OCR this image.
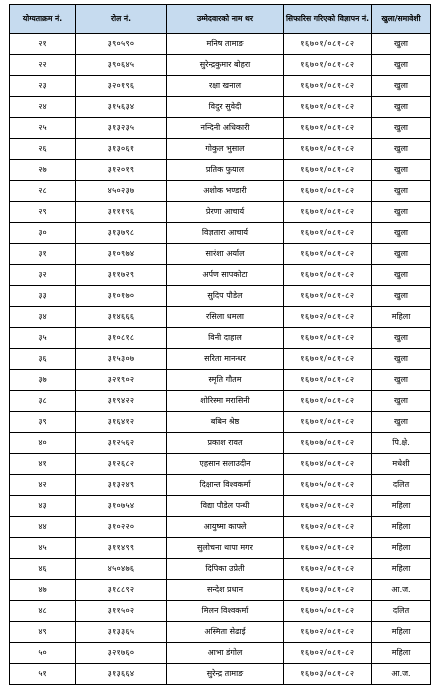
योग्यताक्रम नं.	रोल नं.	उम्मेदवारको नाम थर	सिफारिस गरिएको विज्ञापन नं.	खुला/समावेशी
२१	३९०५९०	मनिष तामाङ	१६७०१/०८१-८२	खुला
२२	३९०६४५	सुरेन्द्रकुमार बोहरा	१६७०१/०८१-८२	खुला
२३	३२०१९६	रक्षा खनाल	१६७०१/०८१-८२	खुला
२४	३१५६३४	विदुर सुवेदी	१६७०१/०८१-८२	खुला
२५	३१३२३५	नन्दिनी अधिकारी	१६७०१/०८१-८२	खुला
२६	३१३०६१	गोकुल भुसाल	१६७०१/०८१-८२	खुला
२७	३१२०१९	प्रतिक फुयाल	१६७०१/०८१-८२	खुला
२८	४५०२३७	अशोक भण्डारी	१६७०१/०८१-८२	खुला
२९	३१११९६	प्रेरणा आचार्य	१६७०१/०८१-८२	खुला
३०	३१३७९८	विज्ञतारा आचार्य	१६७०१/०८१-८२	खुला
३१	३१०९७४	सारंशा अर्याल	१६७०१/०८१-८२	खुला
३२	३११७२९	अर्पण सापकोटा	१६७०१/०८१-८२	खुला
३३	३१०१७०	सुदिप पौडेल	१६७०१/०८१-८२	खुला
३४	३१४६६६	रसिला धमला	१६७०२/०८१-८२	महिला
३५	३१०८१८	विनी दाहाल	१६७०१/०८१-८२	खुला
३६	३१५३०७	सरिता मानन्धर	१६७०१/०८१-८२	खुला
३७	३२१९०२	स्मृति गौतम	१६७०१/०८१-८२	खुला
३८	३१९४२२	शोरिस्मा मरासिनी	१६७०१/०८१-८२	खुला
३९	३१६४१२	बबिन श्रेष्ठ	१६७०१/०८१-८२	खुला
४०	३१२५६२	प्रकाश रावत	१६७०७/०८१-८२	पि.क्षे.
४१	३१२६८२	एहसान सलाउदीन	१६७०४/०८१-८२	मधेशी
४२	३१३२४९	दिक्षान्त विश्वकर्मा	१६७०५/०८१-८२	दलित
४३	३१०७५४	विद्या पौडेल पन्थी	१६७०२/०८१-८२	महिला
४४	३१०२२०	आयुष्मा काफ्ले	१६७०२/०८१-८२	महिला
४५	३११४९९	सुलोचना थापा मगर	१६७०२/०८१-८२	महिला
४६	४५०४७६	दिपिका उप्रेती	१६७०२/०८१-८२	महिला
४७	३१८८९२	सन्देश प्रधान	१६७०३/०८१-८२	आ.ज.
४८	३११५०२	मिलन विश्वकर्मा	१६७०५/०८१-८२	दलित
४९	३१३३६५	अस्मिता सेढाई	१६७०२/०८१-८२	महिला
५०	३२१७६०	आभा डंगोल	१६७०२/०८१-८२	महिला
५१	३१३६६४	सुरेन्द्र तामाङ	१६७०३/०८१-८२	आ.ज.
